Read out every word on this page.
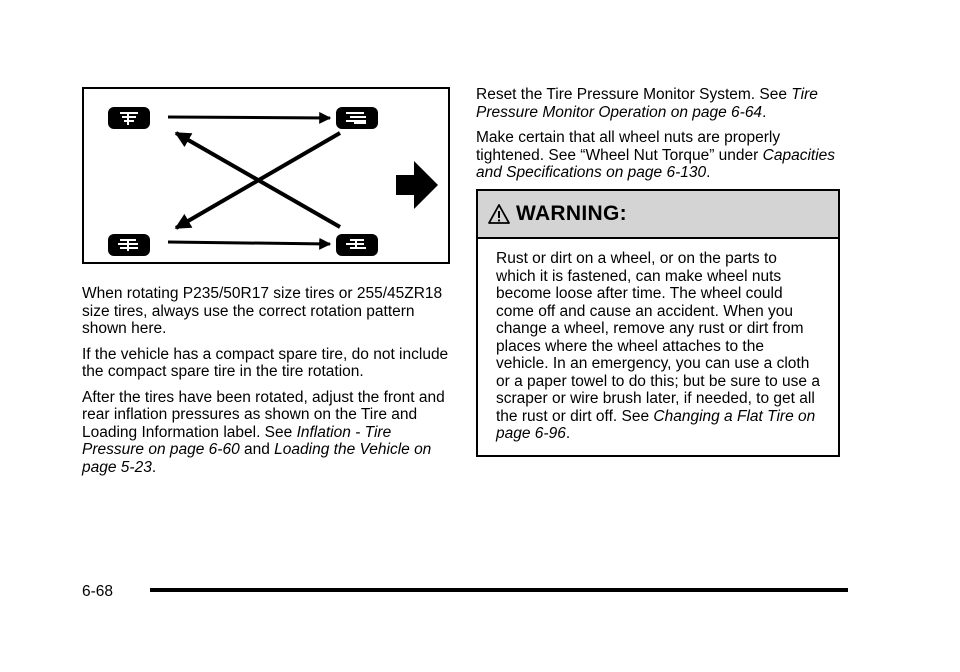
When rotating P235/50R17 size tires or 255/45ZR18 size tires, always use the correct rotation pattern shown here.

If the vehicle has a compact spare tire, do not include the compact spare tire in the tire rotation.

After the tires have been rotated, adjust the front and rear inflation pressures as shown on the Tire and Loading Information label. See Inflation - Tire Pressure on page 6-60 and Loading the Vehicle on page 5-23.

Reset the Tire Pressure Monitor System. See Tire Pressure Monitor Operation on page 6-64.

Make certain that all wheel nuts are properly tightened. See “Wheel Nut Torque” under Capacities and Specifications on page 6-130.

WARNING:
Rust or dirt on a wheel, or on the parts to which it is fastened, can make wheel nuts become loose after time. The wheel could come off and cause an accident. When you change a wheel, remove any rust or dirt from places where the wheel attaches to the vehicle. In an emergency, you can use a cloth or a paper towel to do this; but be sure to use a scraper or wire brush later, if needed, to get all the rust or dirt off. See Changing a Flat Tire on page 6-96.
6-68
